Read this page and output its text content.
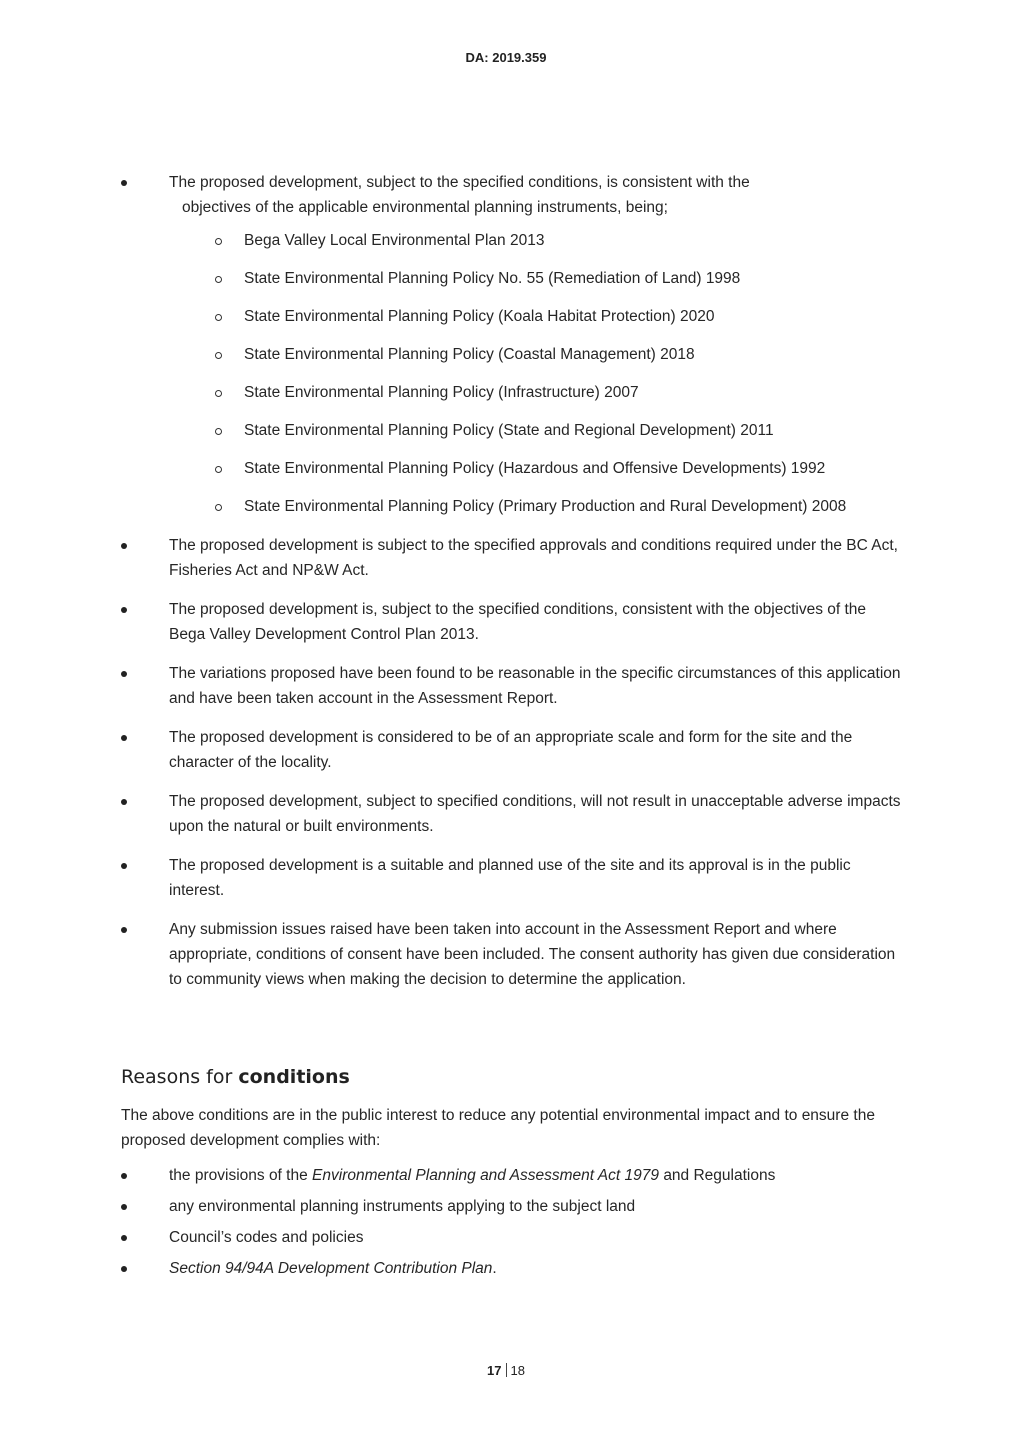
DA: 2019.359
The proposed development, subject to the specified conditions, is consistent with the
objectives of the applicable environmental planning instruments, being;
Bega Valley Local Environmental Plan 2013
State Environmental Planning Policy No. 55 (Remediation of Land) 1998
State Environmental Planning Policy (Koala Habitat Protection) 2020
State Environmental Planning Policy (Coastal Management) 2018
State Environmental Planning Policy (Infrastructure) 2007
State Environmental Planning Policy (State and Regional Development) 2011
State Environmental Planning Policy (Hazardous and Offensive Developments) 1992
State Environmental Planning Policy (Primary Production and Rural Development) 2008
The proposed development is subject to the specified approvals and conditions required under the BC Act, Fisheries Act and NP&W Act.
The proposed development is, subject to the specified conditions, consistent with the objectives of the Bega Valley Development Control Plan 2013.
The variations proposed have been found to be reasonable in the specific circumstances of this application and have been taken account in the Assessment Report.
The proposed development is considered to be of an appropriate scale and form for the site and the character of the locality.
The proposed development, subject to specified conditions, will not result in unacceptable adverse impacts upon the natural or built environments.
The proposed development is a suitable and planned use of the site and its approval is in the public interest.
Any submission issues raised have been taken into account in the Assessment Report and where appropriate, conditions of consent have been included. The consent authority has given due consideration to community views when making the decision to determine the application.
Reasons for conditions
The above conditions are in the public interest to reduce any potential environmental impact and to ensure the proposed development complies with:
the provisions of the Environmental Planning and Assessment Act 1979 and Regulations
any environmental planning instruments applying to the subject land
Council’s codes and policies
Section 94/94A Development Contribution Plan.
17 18
